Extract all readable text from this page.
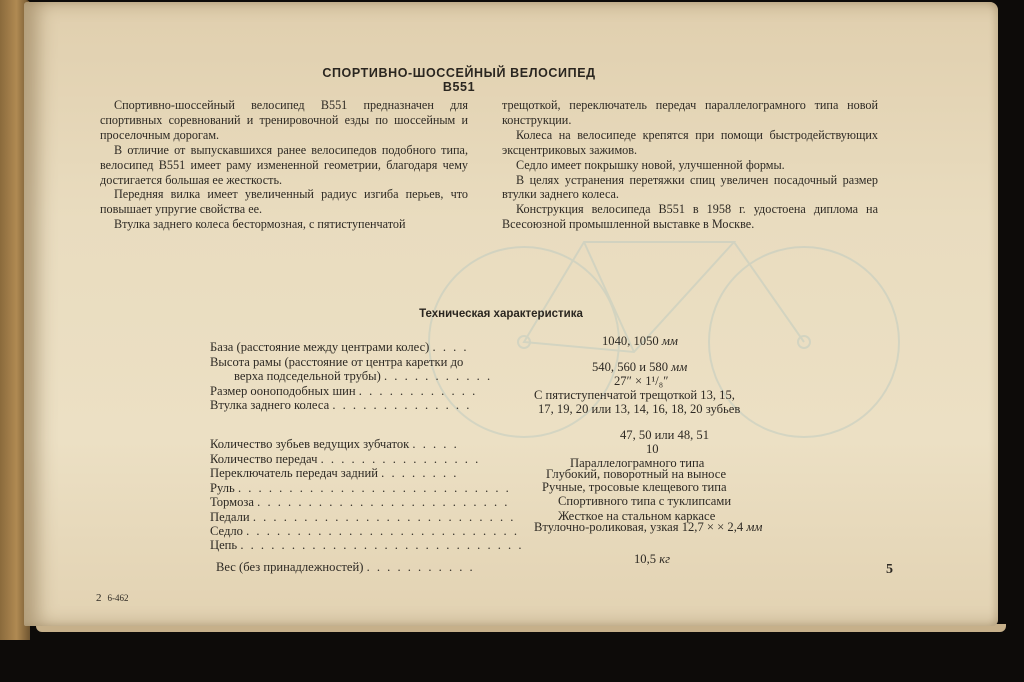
СПОРТИВНО-ШОССЕЙНЫЙ ВЕЛОСИПЕД В551

Спортивно-шоссейный велосипед В551 предназначен для спортивных соревнований и тренировочной езды по шоссейным и проселочным дорогам.

В отличие от выпускавшихся ранее велосипедов подобного типа, велосипед В551 имеет раму измененной геометрии, благодаря чему достигается большая ее жесткость.

Передняя вилка имеет увеличенный радиус изгиба перьев, что повышает упругие свойства ее.

Втулка заднего колеса бестормозная, с пятиступенчатой

трещоткой, переключатель передач параллелограмного типа новой конструкции.

Колеса на велосипеде крепятся при помощи быстродействующих эксцентриковых зажимов.

Седло имеет покрышку новой, улучшенной формы.

В целях устранения перетяжки спиц увеличен посадочный размер втулки заднего колеса.

Конструкция велосипеда В551 в 1958 г. удостоена диплома на Всесоюзной промышленной выставке в Москве.

Техническая характеристика
База (расстояние между центрами колес) . . . .
Высота рамы (расстояние от центра каретки до
верха подседельной трубы) . . . . . . . . . . .
Размер ооноподобных шин . . . . . . . . . . . .
Втулка заднего колеса . . . . . . . . . . . . . .
Количество зубьев ведущих зубчаток . . . . .
Количество передач . . . . . . . . . . . . . . . .
Переключатель передач задний . . . . . . . .
Руль . . . . . . . . . . . . . . . . . . . . . . . . . . .
Тормоза . . . . . . . . . . . . . . . . . . . . . . . . .
Педали . . . . . . . . . . . . . . . . . . . . . . . . . .
Седло . . . . . . . . . . . . . . . . . . . . . . . . . . .
Цепь . . . . . . . . . . . . . . . . . . . . . . . . . . . .
Вес (без принадлежностей) . . . . . . . . . . .
1040, 1050 мм
540, 560 и 580 мм
27″ × 1¹/₈″
С пятиступенчатой трещоткой 13, 15,
17, 19, 20 или 13, 14, 16, 18, 20 зубьев
47, 50 или 48, 51
10
Параллелограмного типа
Глубокий, поворотный на выносе
Ручные, тросовые клещевого типа
Спортивного типа с туклипсами
Жесткое на стальном каркасе
Втулочно-роликовая, узкая 12,7 × × 2,4 мм
10,5 кг
5
2 6-462
